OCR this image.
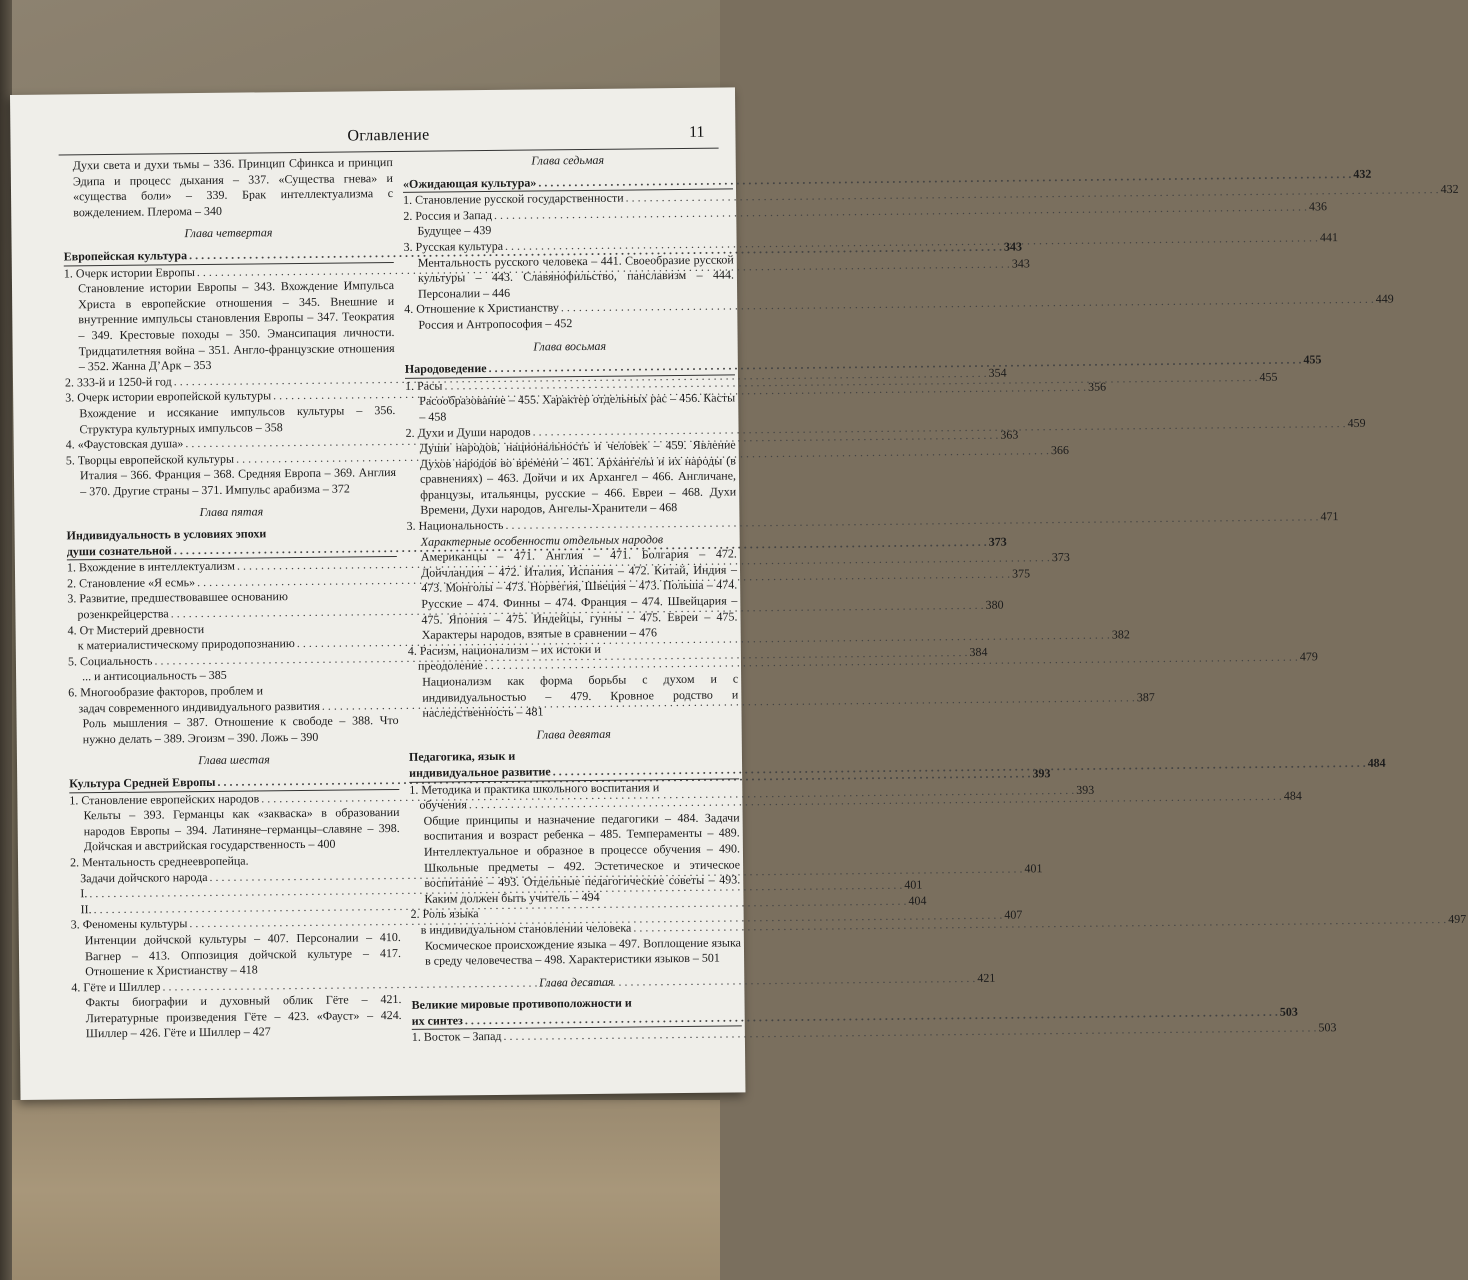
Оглавление	11
Духи света и духи тьмы – 336. Принцип Сфинкса и принцип Эдипа и процесс дыхания – 337. «Существа гнева» и «существа боли» – 339. Брак интеллектуализма с вожделением. Плерома – 340
Глава четвертая
Европейская культура
. . .
343
1. Очерк истории Европы
. . .
343
Становление истории Европы – 343. Вхождение Импульса Христа в европейские отношения – 345. Внешние и внутренние импульсы становления Европы – 347. Теократия – 349. Крестовые походы – 350. Эмансипация личности. Тридцатилетняя война – 351. Англо-французские отношения – 352. Жанна Д’Арк – 353
2. 333-й и 1250-й год
. . .
354
3. Очерк истории европейской культуры
. . .
356
Вхождение и иссякание импульсов культуры – 356. Структура культурных импульсов – 358
4. «Фаустовская душа»
. . .
363
5. Творцы европейской культуры
. . .
366
Италия – 366. Франция – 368. Средняя Европа – 369. Англия – 370. Другие страны – 371. Импульс арабизма – 372
Глава пятая
Индивидуальность в условиях эпохи
души сознательной
. . .
373
1. Вхождение в интеллектуализм
. . .
373
2. Становление «Я есмь»
. . .
375
3. Развитие, предшествовавшее основанию
розенкрейцерства
. . .
380
4. От Мистерий древности
к материалистическому природопознанию
. . .
382
5. Социальность
. . .
384
... и антисоциальность – 385
6. Многообразие факторов, проблем и
задач современного индивидуального развития
. . .
387
Роль мышления – 387. Отношение к свободе – 388. Что нужно делать – 389. Эгоизм – 390. Ложь – 390
Глава шестая
Культура Средней Европы
. . .
393
1. Становление европейских народов
. . .
393
Кельты – 393. Германцы как «закваска» в образовании народов Европы – 394. Латиняне–германцы–славяне – 398. Дойчская и австрийская государственность – 400
2. Ментальность среднеевропейца.
Задачи дойчского народа
. . .
401
I.
. . .
401
II.
. . .
404
3. Феномены культуры
. . .
407
Интенции дойчской культуры – 407. Персоналии – 410. Вагнер – 413. Оппозиция дойчской культуре – 417. Отношение к Христианству – 418
4. Гёте и Шиллер
. . .
421
Факты биографии и духовный облик Гёте – 421. Литературные произведения Гёте – 423. «Фауст» – 424. Шиллер – 426. Гёте и Шиллер – 427
Глава седьмая
«Ожидающая культура»
. . .
432
1. Становление русской государственности
. . .
432
2. Россия и Запад
. . .
436
Будущее – 439
3. Русская культура
. . .
441
Ментальность русского человека – 441. Своеобразие русской культуры – 443. Славянофильство, панславизм – 444. Персоналии – 446
4. Отношение к Христианству
. . .
449
Россия и Антропософия – 452
Глава восьмая
Народоведение
. . .
455
1. Расы
. . .
455
Расообразование – 455. Характер отдельных рас – 456. Касты – 458
2. Духи и Души народов
. . .
459
Души народов, национальность и человек – 459. Явление Духов народов во времени – 461. Архангелы и их народы (в сравнениях) – 463. Дойчи и их Архангел – 466. Англичане, французы, итальянцы, русские – 466. Евреи – 468. Духи Времени, Духи народов, Ангелы-Хранители – 468
3. Национальность
. . .
471
Характерные особенности отдельных народов
Американцы – 471. Англия – 471. Болгария – 472. Дойчландия – 472. Италия, Испания – 472. Китай, Индия – 473. Монголы – 473. Норвегия, Швеция – 473. Польша – 474. Русские – 474. Финны – 474. Франция – 474. Швейцария – 475. Япония – 475. Индейцы, гунны – 475. Евреи – 475. Характеры народов, взятые в сравнении – 476
4. Расизм, национализм – их истоки и
преодоление
. . .
479
Национализм как форма борьбы с духом и с индивидуальностью – 479. Кровное родство и наследственность – 481
Глава девятая
Педагогика, язык и
индивидуальное развитие
. . .
484
1. Методика и практика школьного воспитания и
обучения
. . .
484
Общие принципы и назначение педагогики – 484. Задачи воспитания и возраст ребенка – 485. Темпераменты – 489. Интеллектуальное и образное в процессе обучения – 490. Школьные предметы – 492. Эстетическое и этическое воспитание – 493. Отдельные педагогические советы – 493. Каким должен быть учитель – 494
2. Роль языка
в индивидуальном становлении человека
. . .
497
Космическое происхождение языка – 497. Воплощение языка в среду человечества – 498. Характеристики языков – 501
Глава десятая
Великие мировые противоположности и
их синтез
. . .
503
1. Восток – Запад
. . .
503
